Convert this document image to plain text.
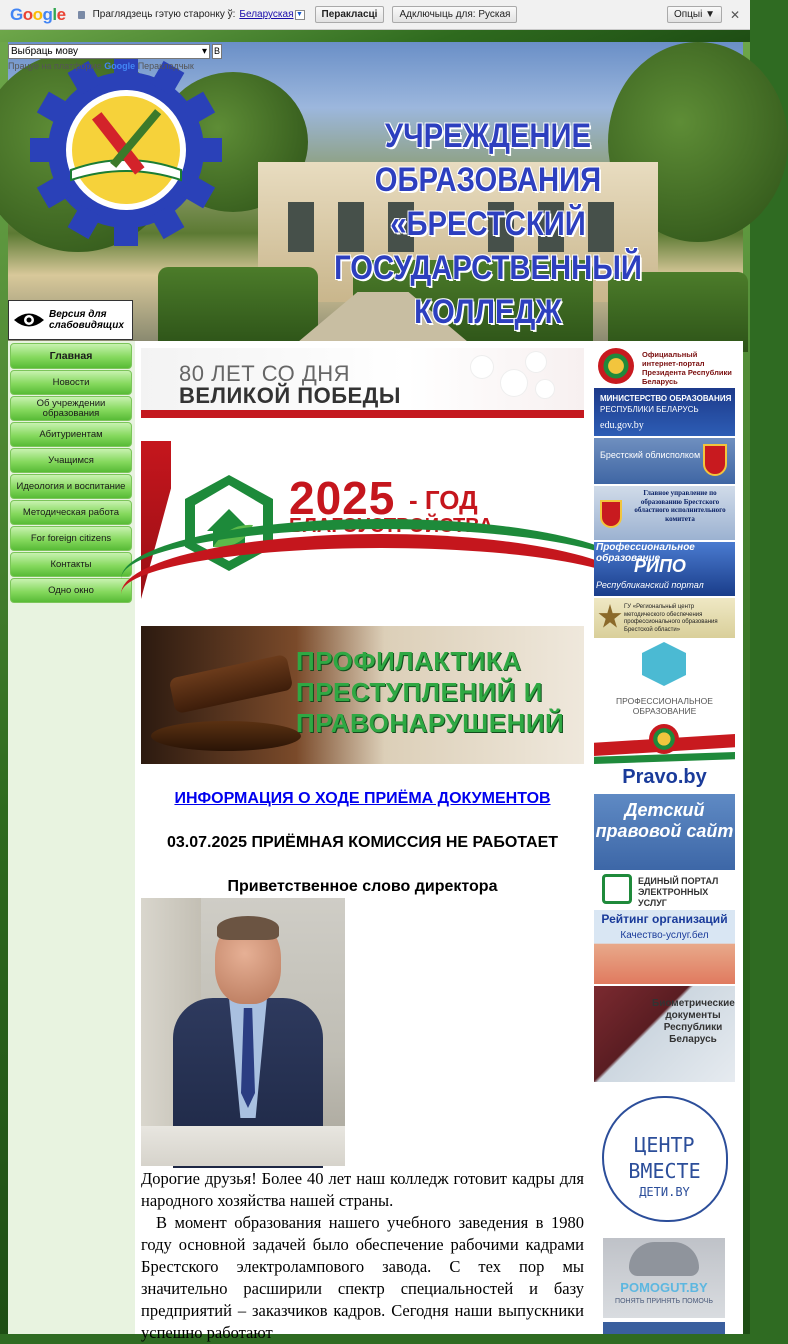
Google	Праглядзець гэтую старонку ў: Беларуская ▼	Перакласці	Адключыць для: Руская	Опцыі ▼	✕
УЧРЕЖДЕНИЕ ОБРАЗОВАНИЯ
«БРЕСТСКИЙ ГОСУДАРСТВЕННЫЙ
КОЛЛЕДЖ
Выбраць мову ▾	В
Працуе на платформе Google Перакладчык
Версия для
слабовидящих
Главная
Новости
Об учреждении образования
Абитуриентам
Учащимся
Идеология и воспитание
Методическая работа
For foreign citizens
Контакты
Одно окно
80 ЛЕТ СО ДНЯ
ВЕЛИКОЙ ПОБЕДЫ
2025 - ГОД
БЛАГОУСТРОЙСТВА
ПРОФИЛАКТИКА
ПРЕСТУПЛЕНИЙ И
ПРАВОНАРУШЕНИЙ
ИНФОРМАЦИЯ О ХОДЕ ПРИЁМА ДОКУМЕНТОВ
03.07.2025 ПРИЁМНАЯ КОМИССИЯ НЕ РАБОТАЕТ
Приветственное слово директора

Дорогие друзья! Более 40 лет наш колледж готовит кадры для народного хозяйства нашей страны.

В момент образования нашего учебного заведения в 1980 году основной задачей было обеспечение рабочими кадрами Брестского электролампового завода. С тех пор мы значительно расширили спектр специальностей и базу предприятий – заказчиков кадров. Сегодня наши выпускники успешно работают

Официальный интернет-портал Президента Республики Беларусь
МИНИСТЕРСТВО ОБРАЗОВАНИЯ
РЕСПУБЛИКИ БЕЛАРУСЬ
edu.gov.by
Брестский облисполком
Главное управление по образованию Брестского областного исполнительного комитета
Профессиональное образование
РИПО
Республиканский портал
ГУ «Региональный центр методического обеспечения профессионального образования Брестской области»
ПРОФЕССИОНАЛЬНОЕ ОБРАЗОВАНИЕ
Pravo.by
Детский правовой сайт
ЕДИНЫЙ ПОРТАЛ ЭЛЕКТРОННЫХ УСЛУГ
Рейтинг организаций
Качество-услуг.бел
Биометрические документы Республики Беларусь
ЦЕНТР
ВМЕСТЕ
ДЕТИ.BY
POMOGUT.BY
ПОНЯТЬ ПРИНЯТЬ ПОМОЧЬ
